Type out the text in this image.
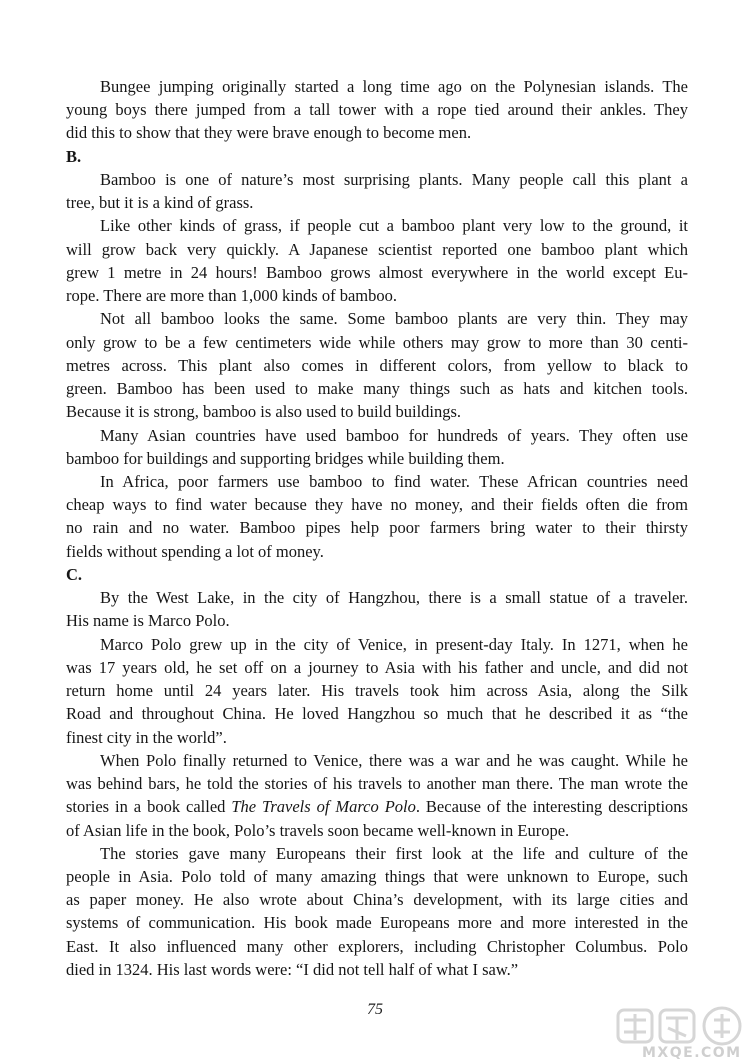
Bungee jumping originally started a long time ago on the Polynesian islands. The
young boys there jumped from a tall tower with a rope tied around their ankles. They
did this to show that they were brave enough to become men.
B.
Bamboo is one of nature’s most surprising plants. Many people call this plant a
tree, but it is a kind of grass.
Like other kinds of grass, if people cut a bamboo plant very low to the ground, it
will grow back very quickly. A Japanese scientist reported one bamboo plant which
grew 1 metre in 24 hours! Bamboo grows almost everywhere in the world except Eu-
rope. There are more than 1,000 kinds of bamboo.
Not all bamboo looks the same. Some bamboo plants are very thin. They may
only grow to be a few centimeters wide while others may grow to more than 30 centi-
metres across. This plant also comes in different colors, from yellow to black to
green. Bamboo has been used to make many things such as hats and kitchen tools.
Because it is strong, bamboo is also used to build buildings.
Many Asian countries have used bamboo for hundreds of years. They often use
bamboo for buildings and supporting bridges while building them.
In Africa, poor farmers use bamboo to find water. These African countries need
cheap ways to find water because they have no money, and their fields often die from
no rain and no water. Bamboo pipes help poor farmers bring water to their thirsty
fields without spending a lot of money.
C.
By the West Lake, in the city of Hangzhou, there is a small statue of a traveler.
His name is Marco Polo.
Marco Polo grew up in the city of Venice, in present-day Italy. In 1271, when he
was 17 years old, he set off on a journey to Asia with his father and uncle, and did not
return home until 24 years later. His travels took him across Asia, along the Silk
Road and throughout China. He loved Hangzhou so much that he described it as “the
finest city in the world”.
When Polo finally returned to Venice, there was a war and he was caught. While he
was behind bars, he told the stories of his travels to another man there. The man wrote the
stories in a book called The Travels of Marco Polo. Because of the interesting descriptions
of Asian life in the book, Polo’s travels soon became well-known in Europe.
The stories gave many Europeans their first look at the life and culture of the
people in Asia. Polo told of many amazing things that were unknown to Europe, such
as paper money. He also wrote about China’s development, with its large cities and
systems of communication. His book made Europeans more and more interested in the
East. It also influenced many other explorers, including Christopher Columbus. Polo
died in 1324. His last words were: “I did not tell half of what I saw.”
75
MXQE.COM
